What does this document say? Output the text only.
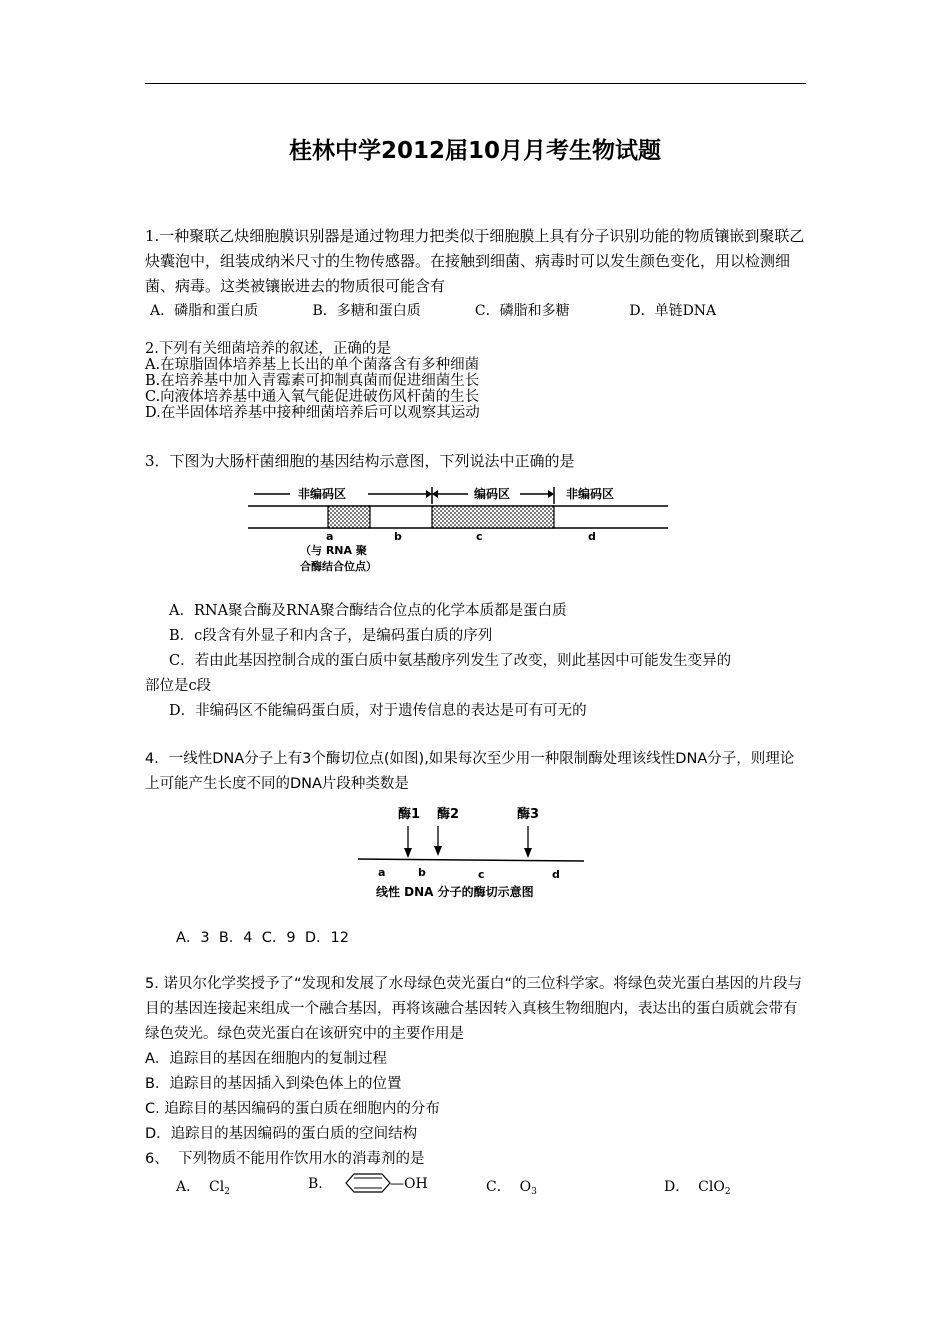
桂林中学2012届10月月考生物试题
1.一种聚联乙炔细胞膜识别器是通过物理力把类似于细胞膜上具有分子识别功能的物质镶嵌到聚联乙炔囊泡中，组装成纳米尺寸的生物传感器。在接触到细菌、病毒时可以发生颜色变化，用以检测细菌、病毒。这类被镶嵌进去的物质很可能含有
A．磷脂和蛋白质	B．多糖和蛋白质	C．磷脂和多糖	D．单链DNA
2.下列有关细菌培养的叙述，正确的是
A.在琼脂固体培养基上长出的单个菌落含有多种细菌
B.在培养基中加入青霉素可抑制真菌而促进细菌生长
C.向液体培养基中通入氧气能促进破伤风杆菌的生长
D.在半固体培养基中接种细菌培养后可以观察其运动
3．下图为大肠杆菌细胞的基因结构示意图，下列说法中正确的是
非编码区	编码区	非编码区
a	b	c	d
（与 RNA 聚
合酶结合位点）
A．RNA聚合酶及RNA聚合酶结合位点的化学本质都是蛋白质
B．c段含有外显子和内含子，是编码蛋白质的序列
C．若由此基因控制合成的蛋白质中氨基酸序列发生了改变，则此基因中可能发生变异的
部位是c段
D．非编码区不能编码蛋白质，对于遗传信息的表达是可有可无的
4．一线性DNA分子上有3个酶切位点(如图),如果每次至少用一种限制酶处理该线性DNA分子，则理论上可能产生长度不同的DNA片段种类数是
酶1 酶2	酶3
a	b	c	d
线性 DNA 分子的酶切示意图
A．3  B．4  C．9  D．12
5. 诺贝尔化学奖授予了“发现和发展了水母绿色荧光蛋白“的三位科学家。将绿色荧光蛋白基因的片段与目的基因连接起来组成一个融合基因，再将该融合基因转入真核生物细胞内，表达出的蛋白质就会带有绿色荧光。绿色荧光蛋白在该研究中的主要作用是
A．追踪目的基因在细胞内的复制过程
B．追踪目的基因插入到染色体上的位置
C. 追踪目的基因编码的蛋白质在细胞内的分布
D．追踪目的基因编码的蛋白质的空间结构
6、  下列物质不能用作饮用水的消毒剂的是
A． $Cl_2$	B.	—OH	C． $O_3$	D． ClO$_2$
